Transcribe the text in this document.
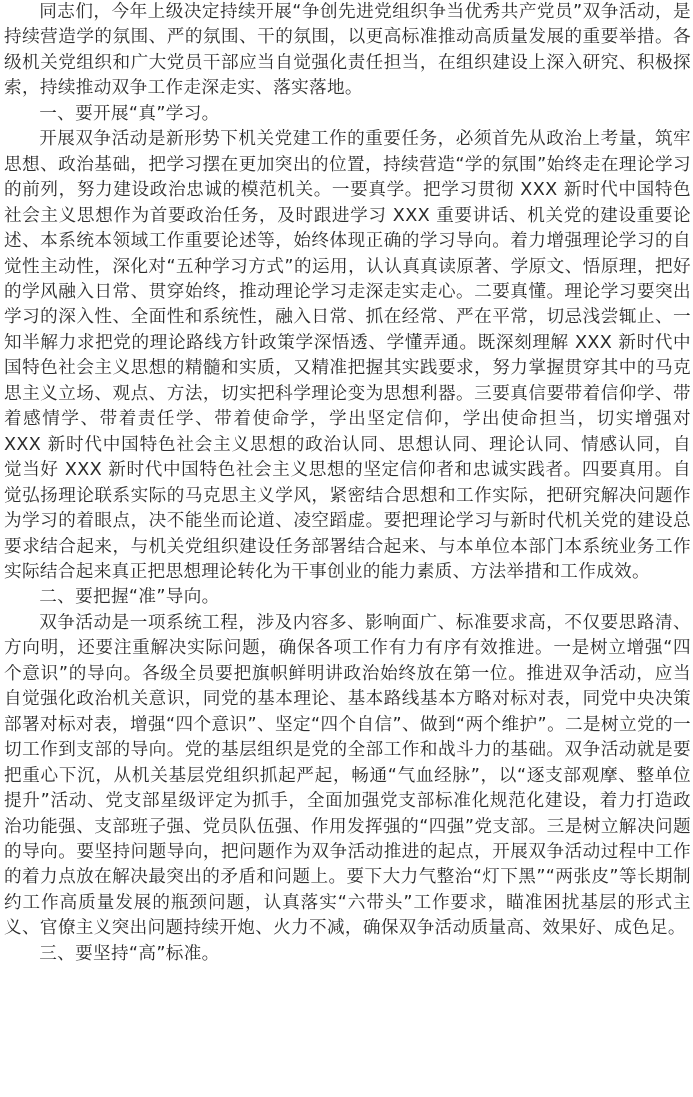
同志们，今年上级决定持续开展“争创先进党组织争当优秀共产党员”双争活动，是持续营造学的氛围、严的氛围、干的氛围，以更高标准推动高质量发展的重要举措。各级机关党组织和广大党员干部应当自觉强化责任担当，在组织建设上深入研究、积极探索，持续推动双争工作走深走实、落实落地。

一、要开展“真”学习。

开展双争活动是新形势下机关党建工作的重要任务，必须首先从政治上考量，筑牢思想、政治基础，把学习摆在更加突出的位置，持续营造“学的氛围”始终走在理论学习的前列，努力建设政治忠诚的模范机关。一要真学。把学习贯彻 XXX 新时代中国特色社会主义思想作为首要政治任务，及时跟进学习 XXX 重要讲话、机关党的建设重要论述、本系统本领域工作重要论述等，始终体现正确的学习导向。着力增强理论学习的自觉性主动性，深化对“五种学习方式”的运用，认认真真读原著、学原文、悟原理，把好的学风融入日常、贯穿始终，推动理论学习走深走实走心。二要真懂。理论学习要突出学习的深入性、全面性和系统性，融入日常、抓在经常、严在平常，切忌浅尝辄止、一知半解力求把党的理论路线方针政策学深悟透、学懂弄通。既深刻理解 XXX 新时代中国特色社会主义思想的精髓和实质，又精准把握其实践要求，努力掌握贯穿其中的马克思主义立场、观点、方法，切实把科学理论变为思想利器。三要真信要带着信仰学、带着感情学、带着责任学、带着使命学，学出坚定信仰，学出使命担当，切实增强对 XXX 新时代中国特色社会主义思想的政治认同、思想认同、理论认同、情感认同，自觉当好 XXX 新时代中国特色社会主义思想的坚定信仰者和忠诚实践者。四要真用。自觉弘扬理论联系实际的马克思主义学风，紧密结合思想和工作实际，把研究解决问题作为学习的着眼点，决不能坐而论道、凌空蹈虚。要把理论学习与新时代机关党的建设总要求结合起来，与机关党组织建设任务部署结合起来、与本单位本部门本系统业务工作实际结合起来真正把思想理论转化为干事创业的能力素质、方法举措和工作成效。

二、要把握“准”导向。

双争活动是一项系统工程，涉及内容多、影响面广、标准要求高，不仅要思路清、方向明，还要注重解决实际问题，确保各项工作有力有序有效推进。一是树立增强“四个意识”的导向。各级全员要把旗帜鲜明讲政治始终放在第一位。推进双争活动，应当自觉强化政治机关意识，同党的基本理论、基本路线基本方略对标对表，同党中央决策部署对标对表，增强“四个意识”、坚定“四个自信”、做到“两个维护”。二是树立党的一切工作到支部的导向。党的基层组织是党的全部工作和战斗力的基础。双争活动就是要把重心下沉，从机关基层党组织抓起严起，畅通“气血经脉”，以“逐支部观摩、整单位提升”活动、党支部星级评定为抓手，全面加强党支部标准化规范化建设，着力打造政治功能强、支部班子强、党员队伍强、作用发挥强的“四强”党支部。三是树立解决问题的导向。要坚持问题导向，把问题作为双争活动推进的起点，开展双争活动过程中工作的着力点放在解决最突出的矛盾和问题上。要下大力气整治“灯下黑”“两张皮”等长期制约工作高质量发展的瓶颈问题，认真落实“六带头”工作要求，瞄准困扰基层的形式主义、官僚主义突出问题持续开炮、火力不减，确保双争活动质量高、效果好、成色足。

三、要坚持“高”标准。
